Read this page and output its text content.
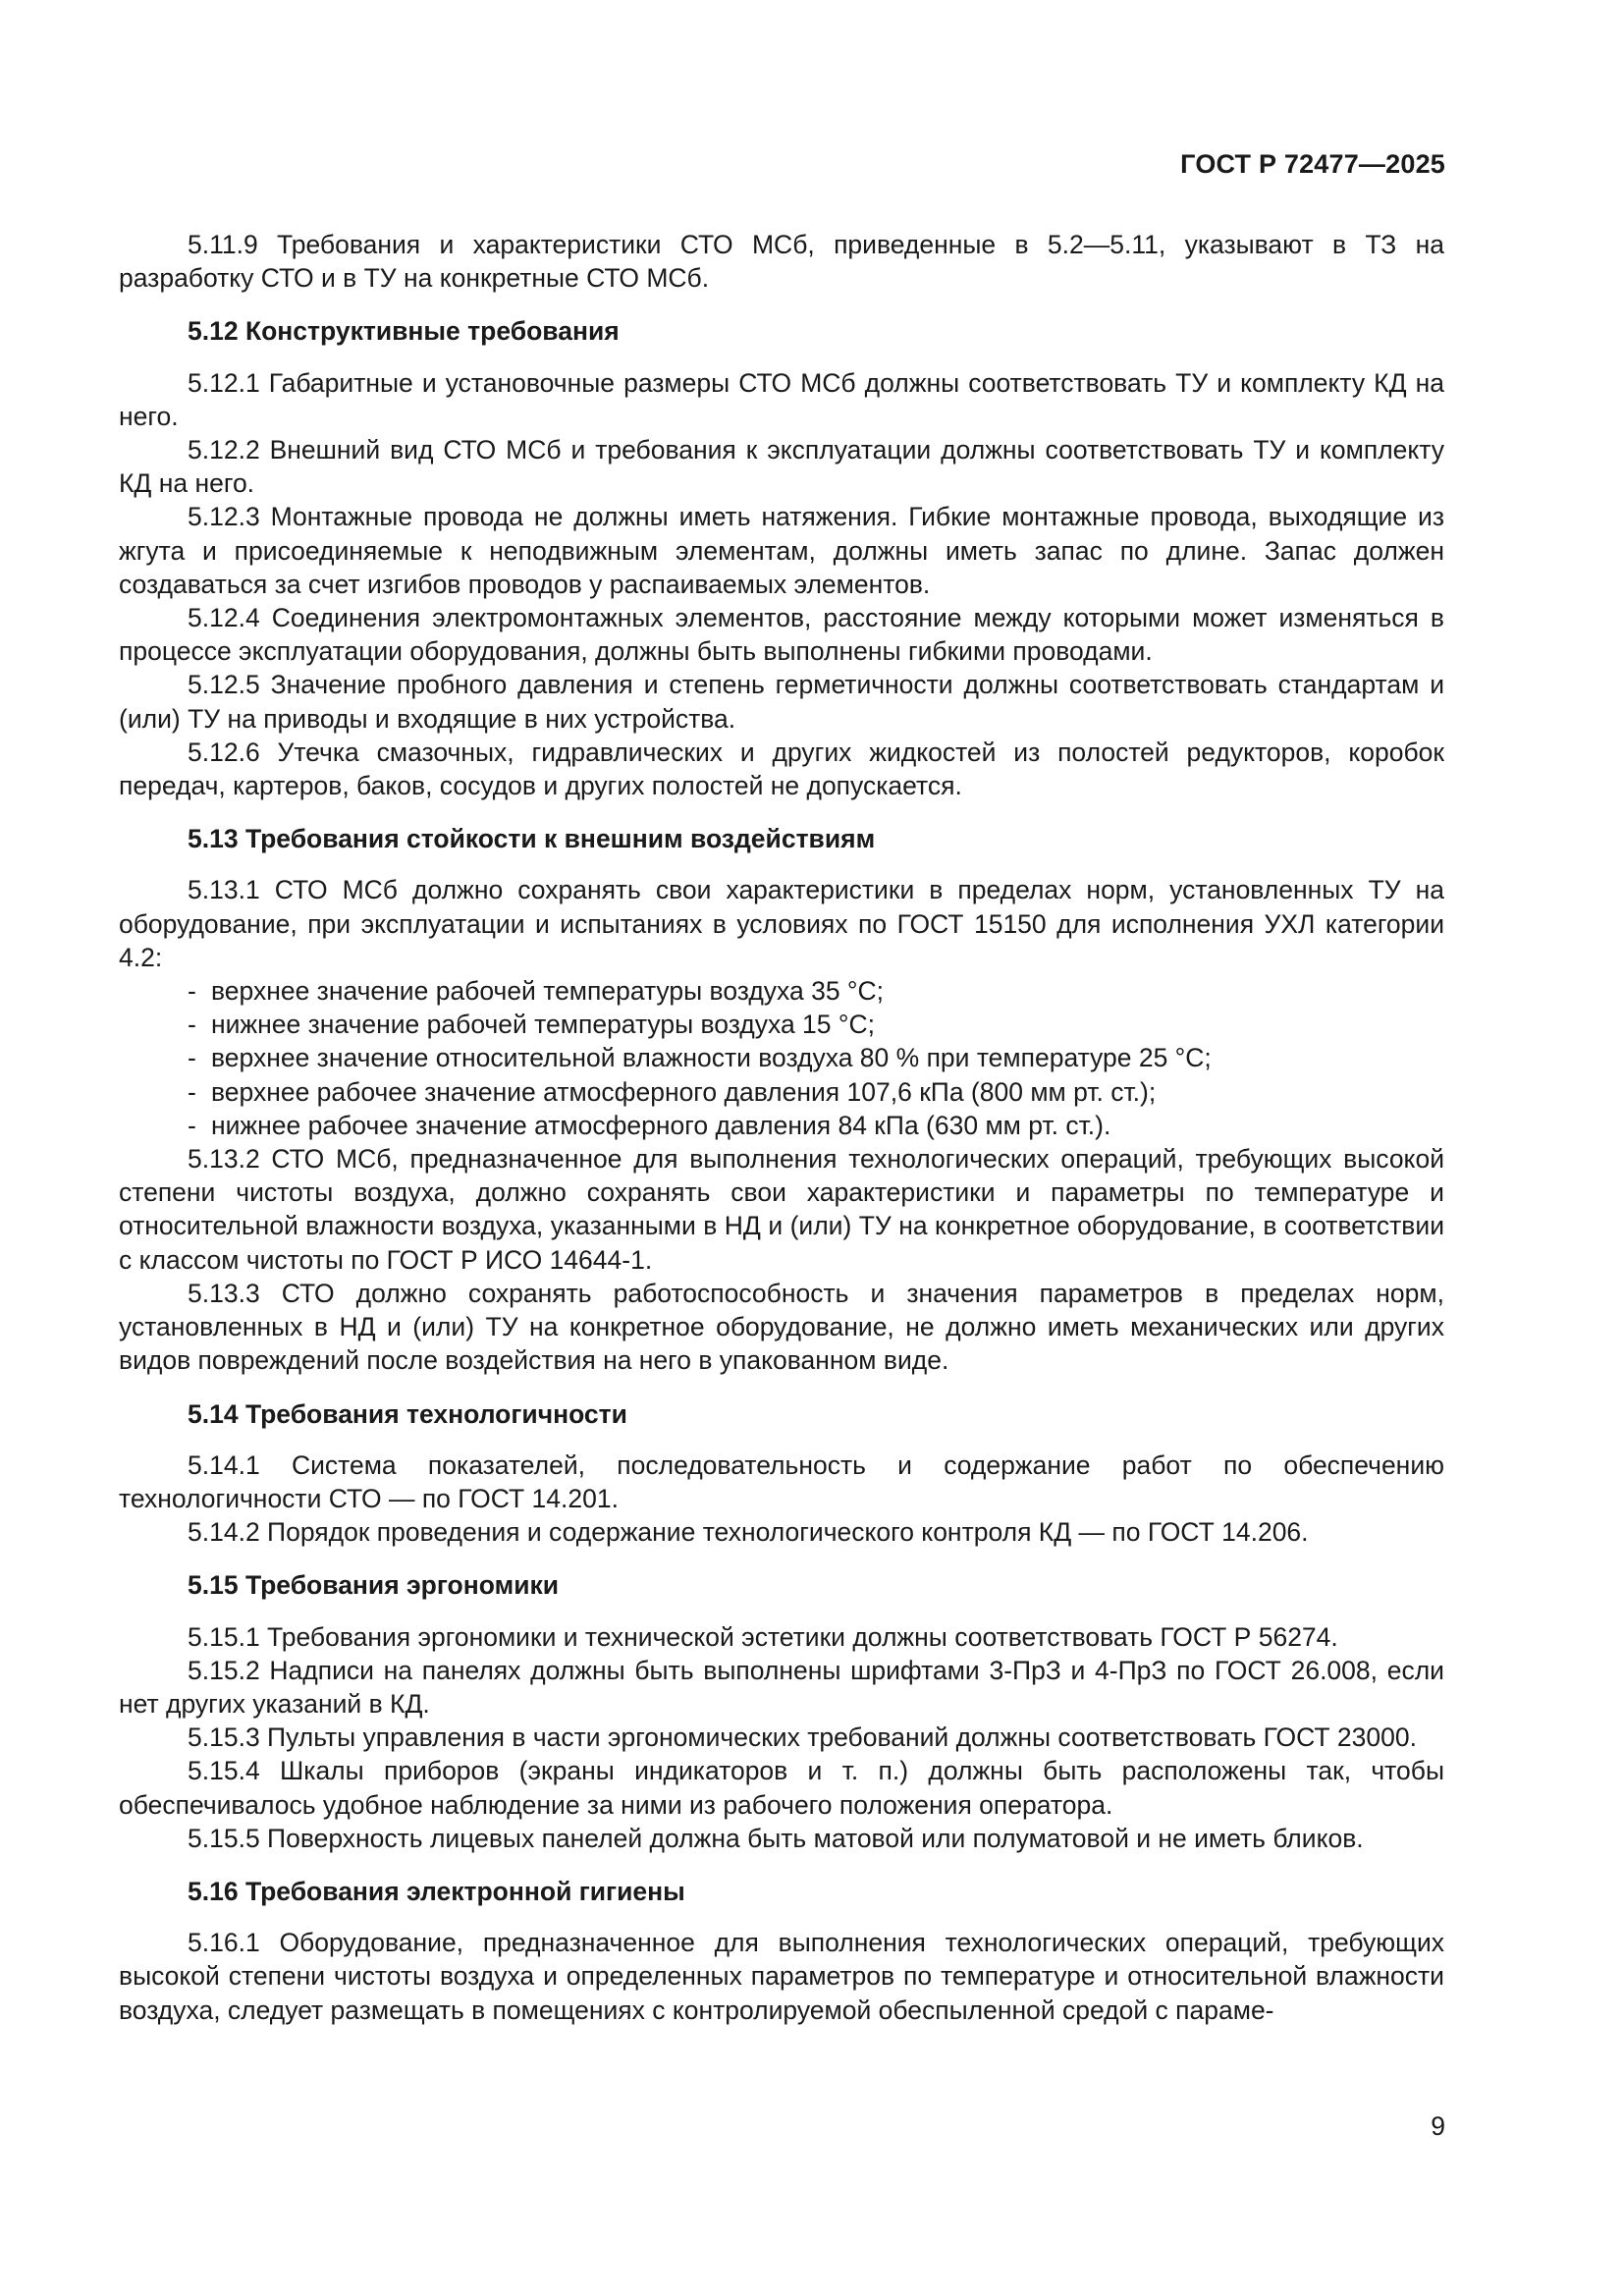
ГОСТ Р 72477—2025

5.11.9 Требования и характеристики СТО МСб, приведенные в 5.2—5.11, указывают в ТЗ на разработку СТО и в ТУ на конкретные СТО МСб.

5.12 Конструктивные требования

5.12.1 Габаритные и установочные размеры СТО МСб должны соответствовать ТУ и комплекту КД на него.

5.12.2 Внешний вид СТО МСб и требования к эксплуатации должны соответствовать ТУ и комплекту КД на него.

5.12.3 Монтажные провода не должны иметь натяжения. Гибкие монтажные провода, выходящие из жгута и присоединяемые к неподвижным элементам, должны иметь запас по длине. Запас должен создаваться за счет изгибов проводов у распаиваемых элементов.

5.12.4 Соединения электромонтажных элементов, расстояние между которыми может изменяться в процессе эксплуатации оборудования, должны быть выполнены гибкими проводами.

5.12.5 Значение пробного давления и степень герметичности должны соответствовать стандартам и (или) ТУ на приводы и входящие в них устройства.

5.12.6 Утечка смазочных, гидравлических и других жидкостей из полостей редукторов, коробок передач, картеров, баков, сосудов и других полостей не допускается.

5.13 Требования стойкости к внешним воздействиям

5.13.1 СТО МСб должно сохранять свои характеристики в пределах норм, установленных ТУ на оборудование, при эксплуатации и испытаниях в условиях по ГОСТ 15150 для исполнения УХЛ категории 4.2:

- верхнее значение рабочей температуры воздуха 35 °С;
- нижнее значение рабочей температуры воздуха 15 °С;
- верхнее значение относительной влажности воздуха 80 % при температуре 25 °С;
- верхнее рабочее значение атмосферного давления 107,6 кПа (800 мм рт. ст.);
- нижнее рабочее значение атмосферного давления 84 кПа (630 мм рт. ст.).

5.13.2 СТО МСб, предназначенное для выполнения технологических операций, требующих высокой степени чистоты воздуха, должно сохранять свои характеристики и параметры по температуре и относительной влажности воздуха, указанными в НД и (или) ТУ на конкретное оборудование, в соответствии с классом чистоты по ГОСТ Р ИСО 14644-1.

5.13.3 СТО должно сохранять работоспособность и значения параметров в пределах норм, установленных в НД и (или) ТУ на конкретное оборудование, не должно иметь механических или других видов повреждений после воздействия на него в упакованном виде.

5.14 Требования технологичности

5.14.1 Система показателей, последовательность и содержание работ по обеспечению технологичности СТО — по ГОСТ 14.201.

5.14.2 Порядок проведения и содержание технологического контроля КД — по ГОСТ 14.206.

5.15 Требования эргономики

5.15.1 Требования эргономики и технической эстетики должны соответствовать ГОСТ Р 56274.

5.15.2 Надписи на панелях должны быть выполнены шрифтами 3-ПрЗ и 4-ПрЗ по ГОСТ 26.008, если нет других указаний в КД.

5.15.3 Пульты управления в части эргономических требований должны соответствовать ГОСТ 23000.

5.15.4 Шкалы приборов (экраны индикаторов и т. п.) должны быть расположены так, чтобы обеспечивалось удобное наблюдение за ними из рабочего положения оператора.

5.15.5 Поверхность лицевых панелей должна быть матовой или полуматовой и не иметь бликов.

5.16 Требования электронной гигиены

5.16.1 Оборудование, предназначенное для выполнения технологических операций, требующих высокой степени чистоты воздуха и определенных параметров по температуре и относительной влажности воздуха, следует размещать в помещениях с контролируемой обеспыленной средой с параме-

9
